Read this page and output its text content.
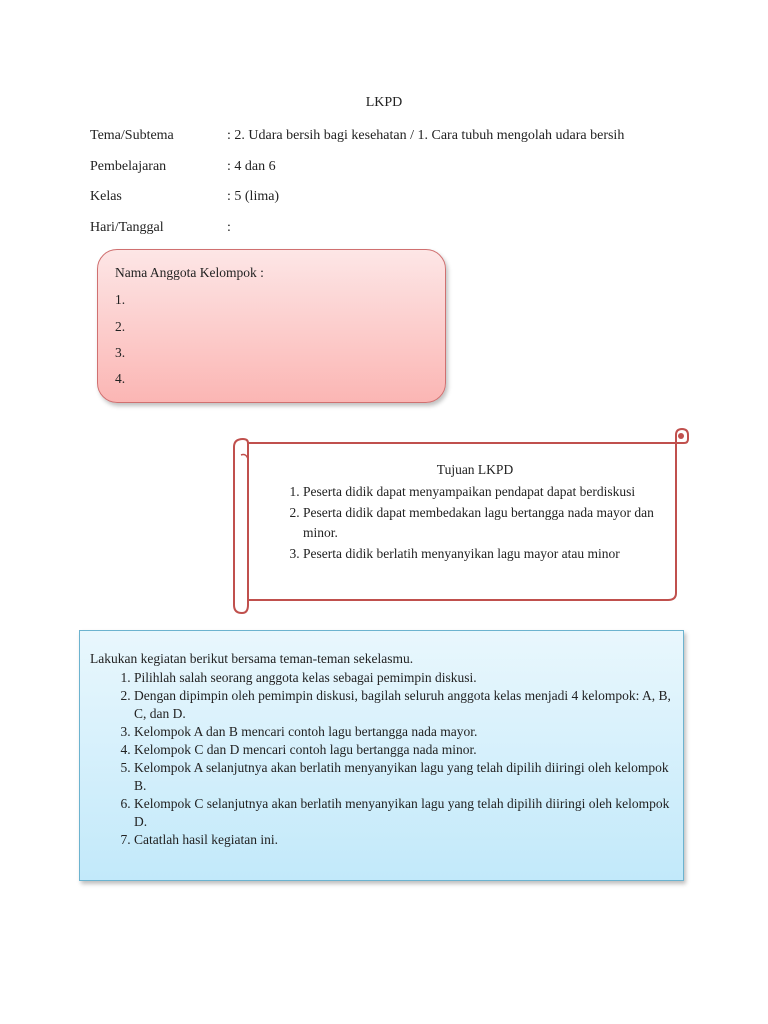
LKPD
Tema/Subtema	: 2. Udara bersih bagi kesehatan / 1. Cara tubuh mengolah udara bersih
Pembelajaran	: 4 dan 6
Kelas	: 5 (lima)
Hari/Tanggal	:
Nama Anggota Kelompok :
1.
2.
3.
4.
Tujuan LKPD
1. Peserta didik dapat menyampaikan pendapat dapat berdiskusi
2. Peserta didik dapat membedakan lagu bertangga nada mayor dan minor.
3. Peserta didik berlatih menyanyikan lagu mayor atau minor
Lakukan kegiatan berikut bersama teman-teman sekelasmu.
1. Pilihlah salah seorang anggota kelas sebagai pemimpin diskusi.
2. Dengan dipimpin oleh pemimpin diskusi, bagilah seluruh anggota kelas menjadi 4 kelompok: A, B, C, dan D.
3. Kelompok A dan B mencari contoh lagu bertangga nada mayor.
4. Kelompok C dan D mencari contoh lagu bertangga nada minor.
5. Kelompok A selanjutnya akan berlatih menyanyikan lagu yang telah dipilih diiringi oleh kelompok B.
6. Kelompok C selanjutnya akan berlatih menyanyikan lagu yang telah dipilih diiringi oleh kelompok D.
7. Catatlah hasil kegiatan ini.
